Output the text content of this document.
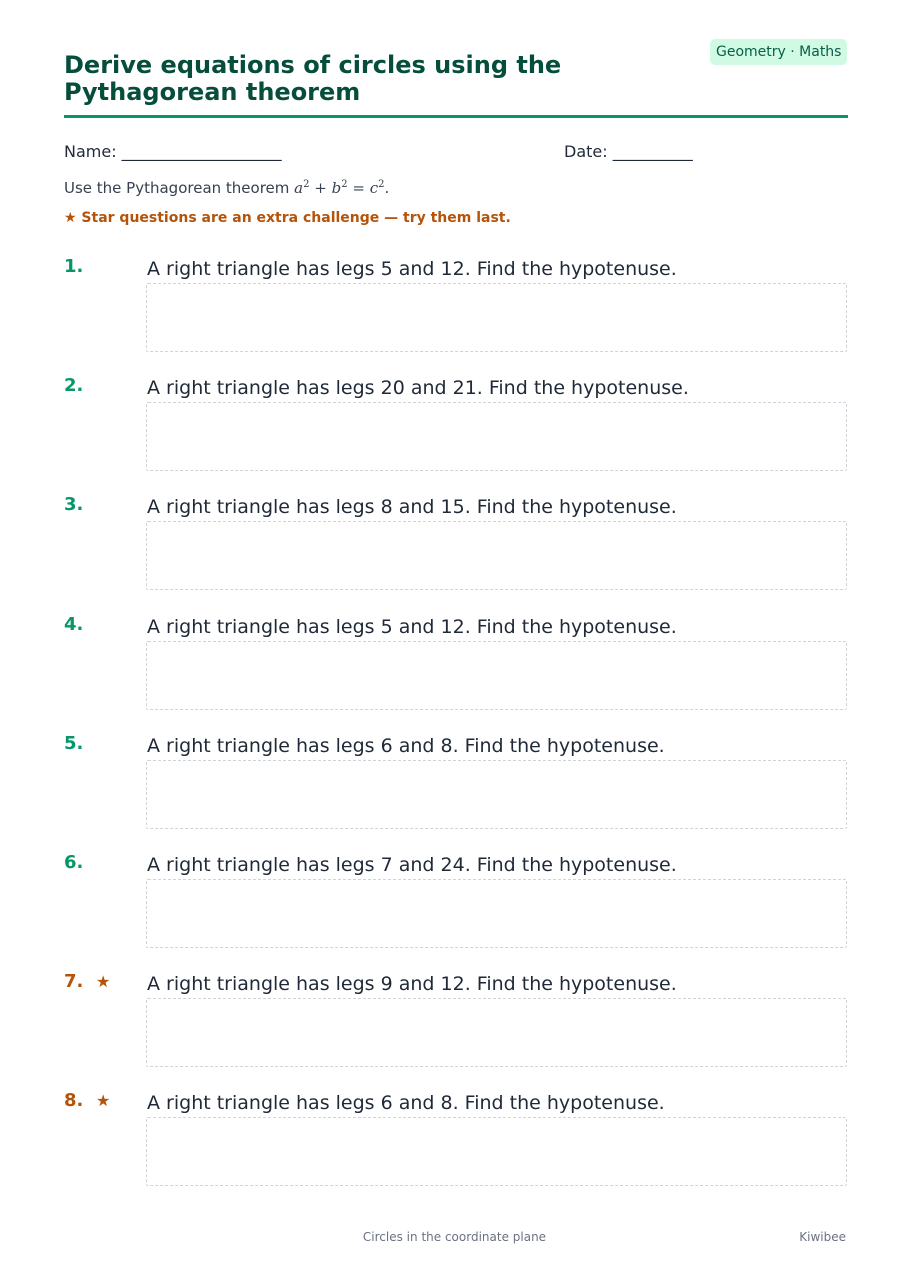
Geometry · Maths
Derive equations of circles using the Pythagorean theorem
Name: ____________________	Date: __________
Use the Pythagorean theorem $a^2 + b^2 = c^2$.
★ Star questions are an extra challenge — try them last.
1.	A right triangle has legs 5 and 12. Find the hypotenuse.
2.	A right triangle has legs 20 and 21. Find the hypotenuse.
3.	A right triangle has legs 8 and 15. Find the hypotenuse.
4.	A right triangle has legs 5 and 12. Find the hypotenuse.
5.	A right triangle has legs 6 and 8. Find the hypotenuse.
6.	A right triangle has legs 7 and 24. Find the hypotenuse.
7. ★ A right triangle has legs 9 and 12. Find the hypotenuse.
8. ★ A right triangle has legs 6 and 8. Find the hypotenuse.
Circles in the coordinate plane	Kiwibee
